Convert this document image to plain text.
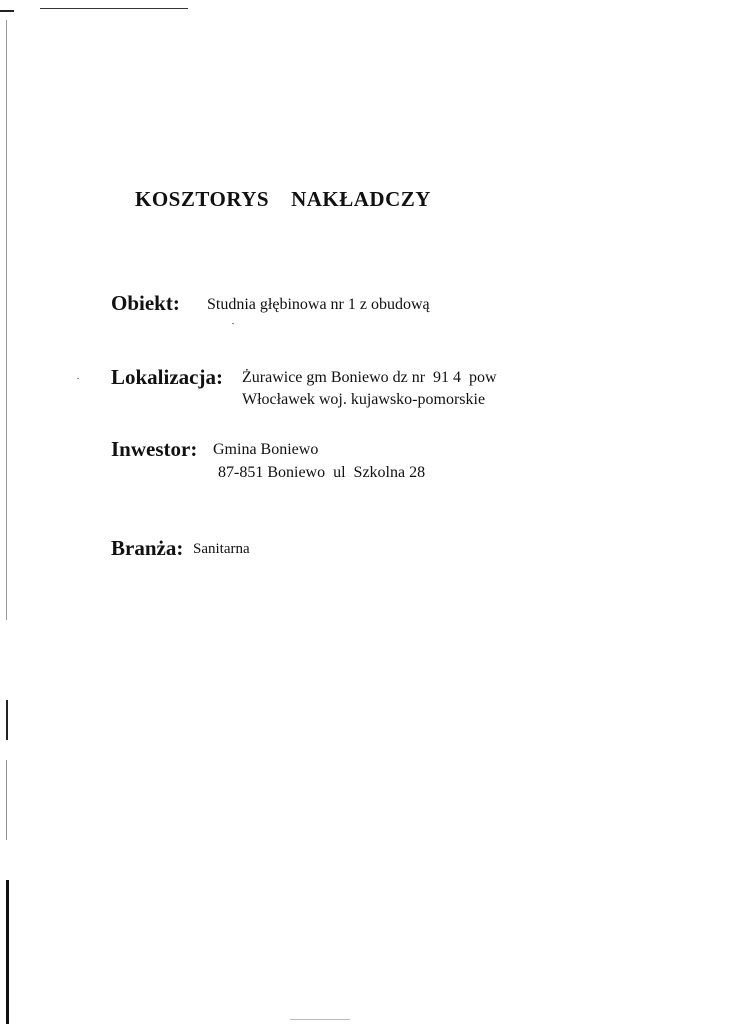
KOSZTORYS NAKŁADCZY
Obiekt: Studnia głębinowa nr 1 z obudową
Lokalizacja: Żurawice gm Boniewo dz nr  91 4  pow
Włocławek woj. kujawsko-pomorskie
Inwestor: Gmina Boniewo
87-851 Boniewo  ul  Szkolna 28
Branża: Sanitarna
